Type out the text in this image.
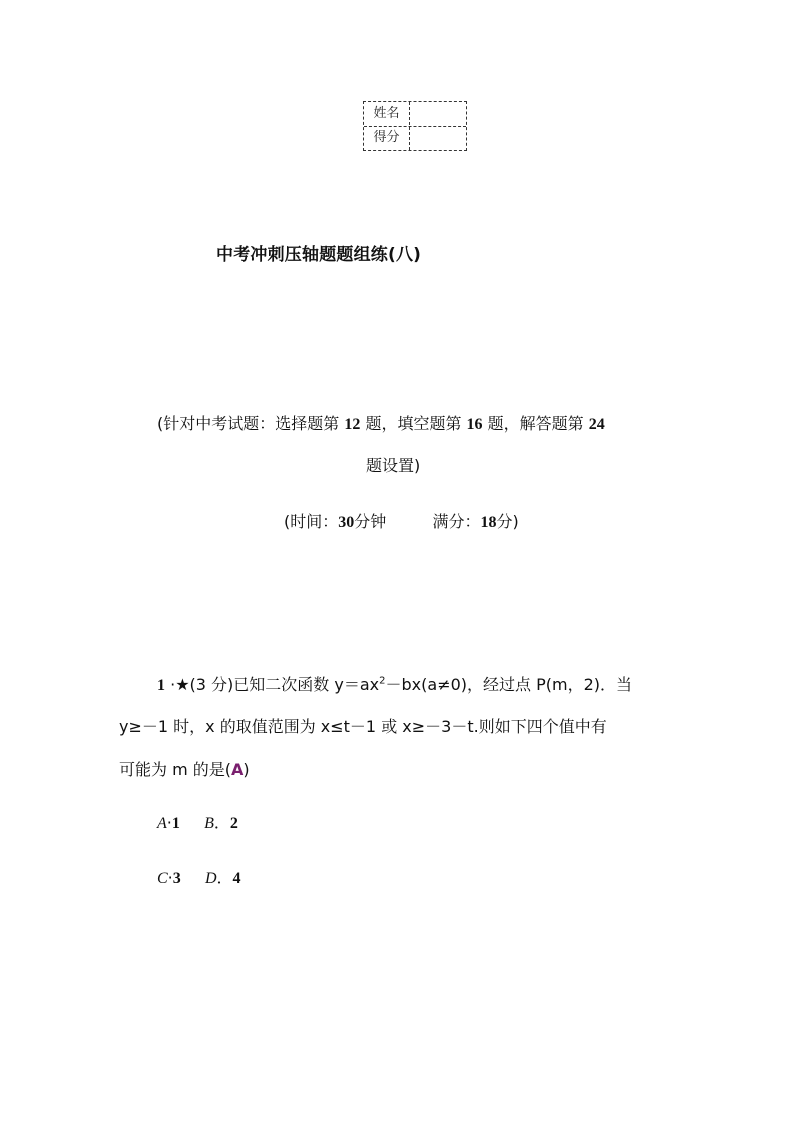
姓名
得分
中考冲刺压轴题题组练(八)
(针对中考试题：选择题第 12 题，填空题第 16 题，解答题第 24
题设置)
(时间：30分钟	满分：18分)
1 ·★(3 分)已知二次函数 $y=ax^2-bx(a\ne 0)$，经过点 P(m，2)．当
y≥－1 时，x 的取值范围为 x≤t－1 或 x≥－3－t.则如下四个值中有
可能为 m 的是(A)
A·1 B．2
C·3 D．4
